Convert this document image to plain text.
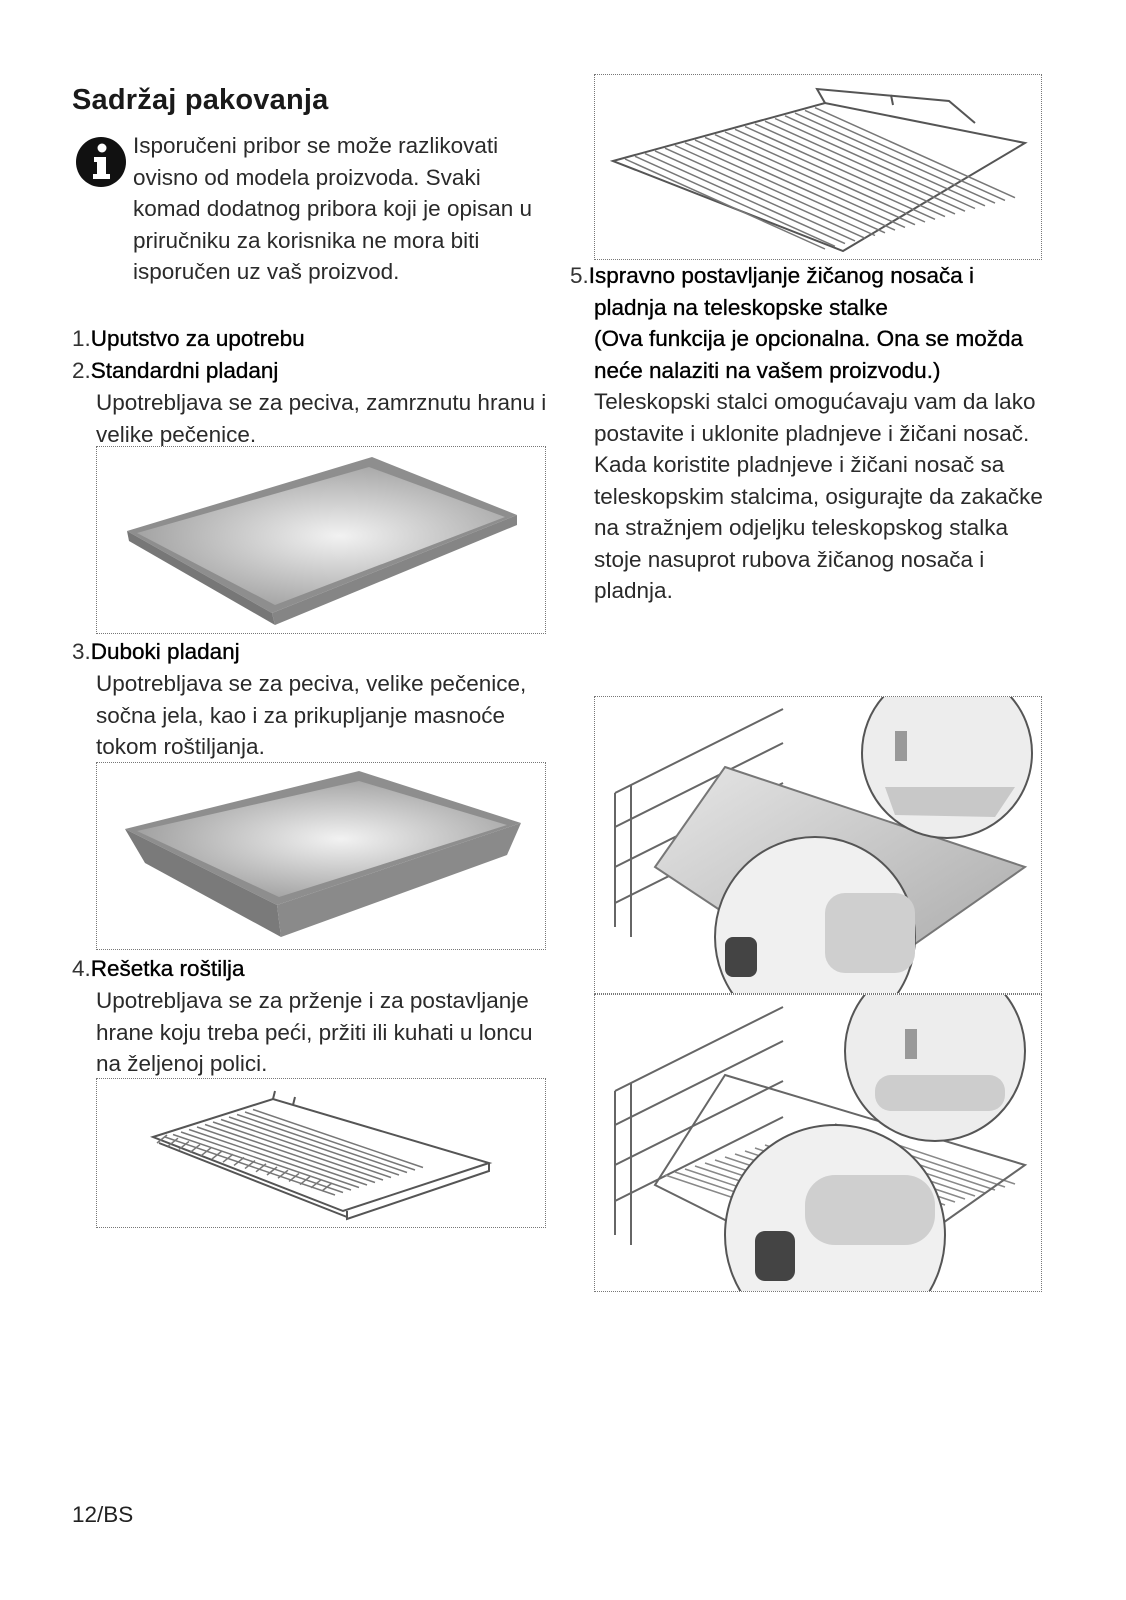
Sadržaj pakovanja
Isporučeni pribor se može razlikovati ovisno od modela proizvoda. Svaki komad dodatnog pribora koji je opisan u priručniku za korisnika ne mora biti isporučen uz vaš proizvod.
1.Uputstvo za upotrebu
2.Standardni pladanj
Upotrebljava se za peciva, zamrznutu hranu i velike pečenice.
3.Duboki pladanj
Upotrebljava se za peciva, velike pečenice, sočna jela, kao i za prikupljanje masnoće tokom roštiljanja.
4.Rešetka roštilja
Upotrebljava se za prženje i za postavljanje hrane koju treba peći, pržiti ili kuhati u loncu na željenoj polici.
5.Ispravno postavljanje žičanog nosača i pladnja na teleskopske stalke
(Ova funkcija je opcionalna. Ona se možda neće nalaziti na vašem proizvodu.)
Teleskopski stalci omogućavaju vam da lako postavite i uklonite pladnjeve i žičani nosač.
Kada koristite pladnjeve i žičani nosač sa teleskopskim stalcima, osigurajte da zakačke na stražnjem odjeljku teleskopskog stalka stoje nasuprot rubova žičanog nosača i pladnja.
12/BS
